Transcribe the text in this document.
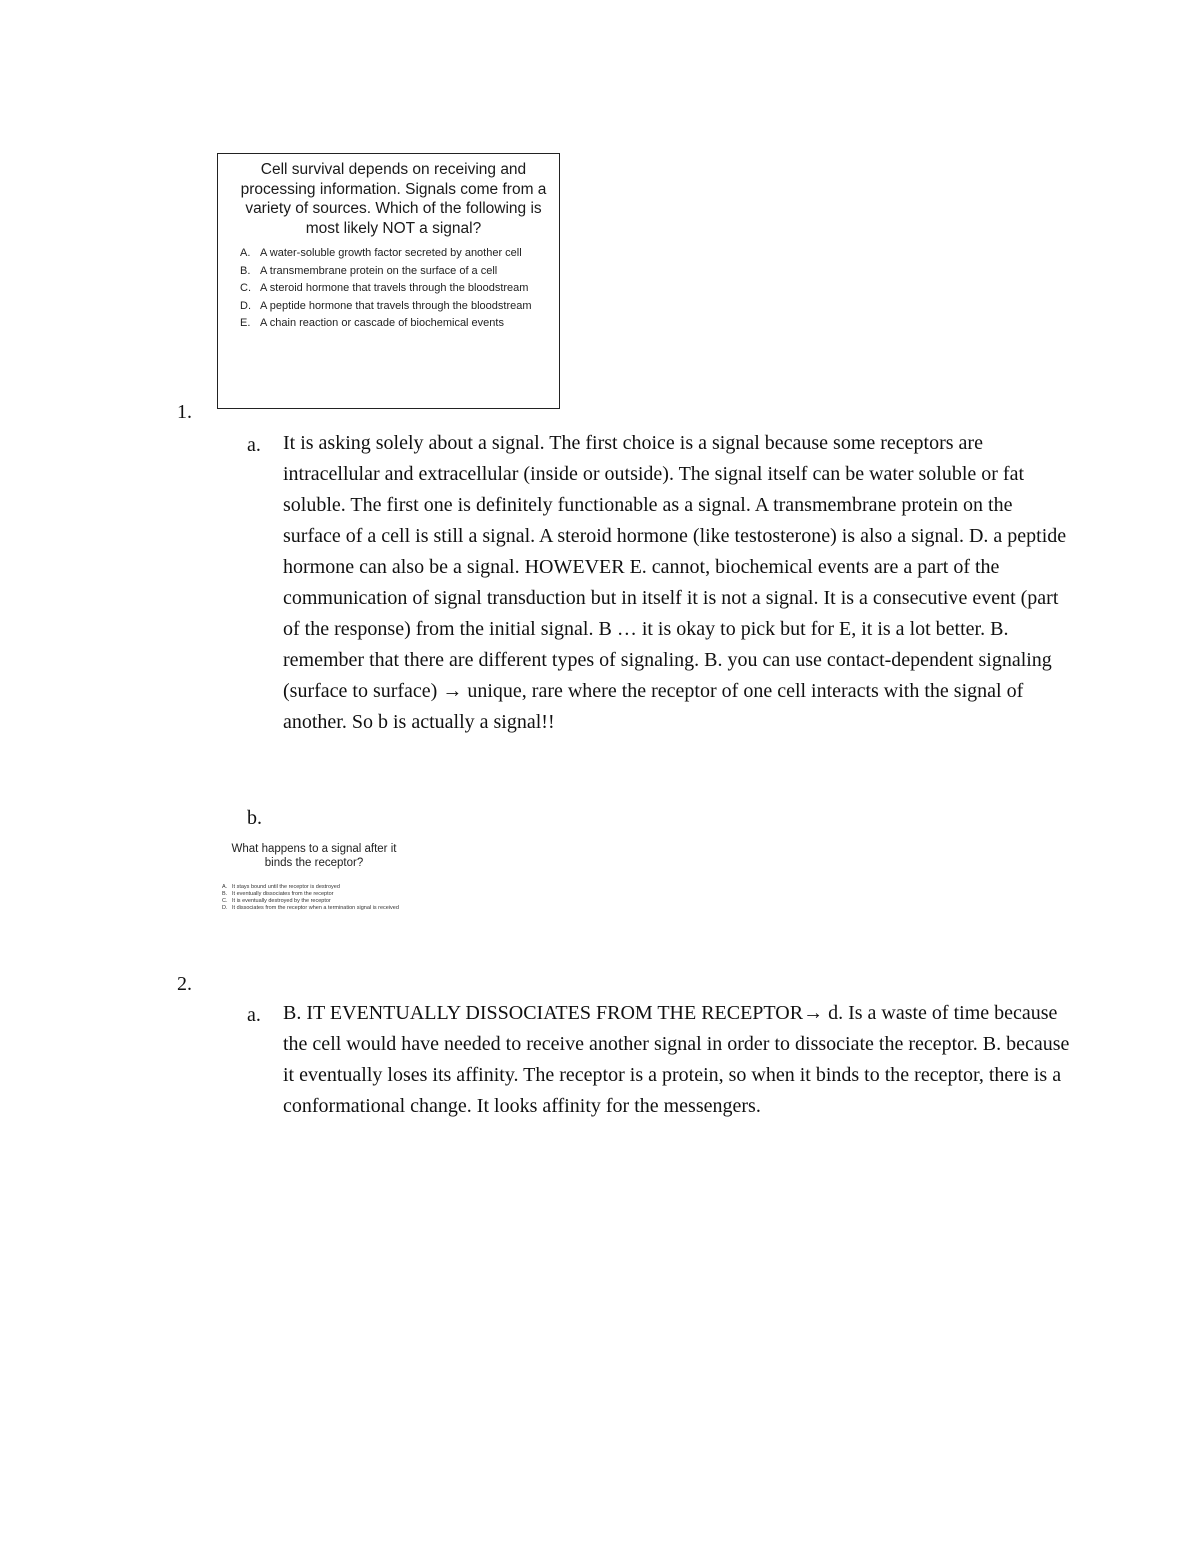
Cell survival depends on receiving and processing information. Signals come from a variety of sources. Which of the following is most likely NOT a signal?
A. A water-soluble growth factor secreted by another cell
B. A transmembrane protein on the surface of a cell
C. A steroid hormone that travels through the bloodstream
D. A peptide hormone that travels through the bloodstream
E. A chain reaction or cascade of biochemical events
1.
a. It is asking solely about a signal. The first choice is a signal because some receptors are intracellular and extracellular (inside or outside). The signal itself can be water soluble or fat soluble. The first one is definitely functionable as a signal. A transmembrane protein on the surface of a cell is still a signal. A steroid hormone (like testosterone) is also a signal. D. a peptide hormone can also be a signal. HOWEVER E. cannot, biochemical events are a part of the communication of signal transduction but in itself it is not a signal. It is a consecutive event (part of the response) from the initial signal. B … it is okay to pick but for E, it is a lot better. B. remember that there are different types of signaling. B. you can use contact-dependent signaling (surface to surface) → unique, rare where the receptor of one cell interacts with the signal of another. So b is actually a signal!!
b.
What happens to a signal after it binds the receptor?
A. It stays bound until the receptor is destroyed
B. It eventually dissociates from the receptor
C. It is eventually destroyed by the receptor
D. It dissociates from the receptor when a termination signal is received
2.
a. B. IT EVENTUALLY DISSOCIATES FROM THE RECEPTOR→ d. Is a waste of time because the cell would have needed to receive another signal in order to dissociate the receptor. B. because it eventually loses its affinity. The receptor is a protein, so when it binds to the receptor, there is a conformational change. It looks affinity for the messengers.
